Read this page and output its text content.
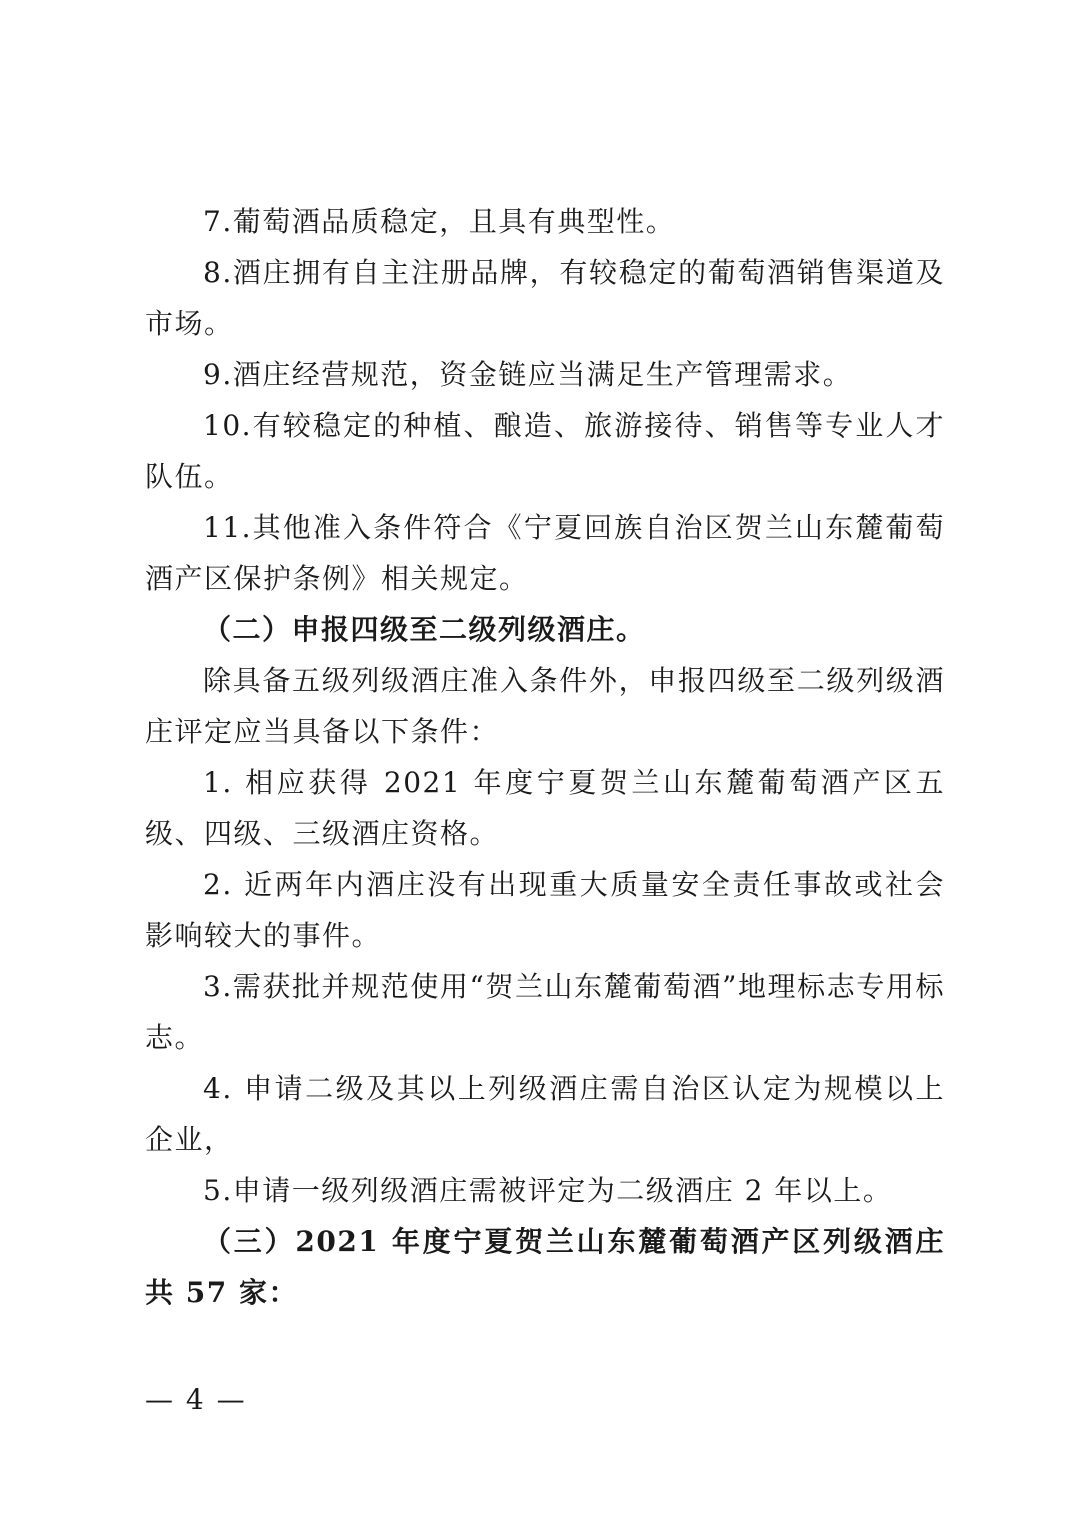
7.葡萄酒品质稳定，且具有典型性。

8.酒庄拥有自主注册品牌，有较稳定的葡萄酒销售渠道及市场。

9.酒庄经营规范，资金链应当满足生产管理需求。

10.有较稳定的种植、酿造、旅游接待、销售等专业人才队伍。

11.其他准入条件符合《宁夏回族自治区贺兰山东麓葡萄酒产区保护条例》相关规定。

（二）申报四级至二级列级酒庄。

除具备五级列级酒庄准入条件外，申报四级至二级列级酒庄评定应当具备以下条件：

1. 相应获得 2021 年度宁夏贺兰山东麓葡萄酒产区五级、四级、三级酒庄资格。

2. 近两年内酒庄没有出现重大质量安全责任事故或社会影响较大的事件。

3.需获批并规范使用“贺兰山东麓葡萄酒”地理标志专用标志。

4. 申请二级及其以上列级酒庄需自治区认定为规模以上企业，

5.申请一级列级酒庄需被评定为二级酒庄 2 年以上。

（三）2021 年度宁夏贺兰山东麓葡萄酒产区列级酒庄共 57 家：

— 4 —
